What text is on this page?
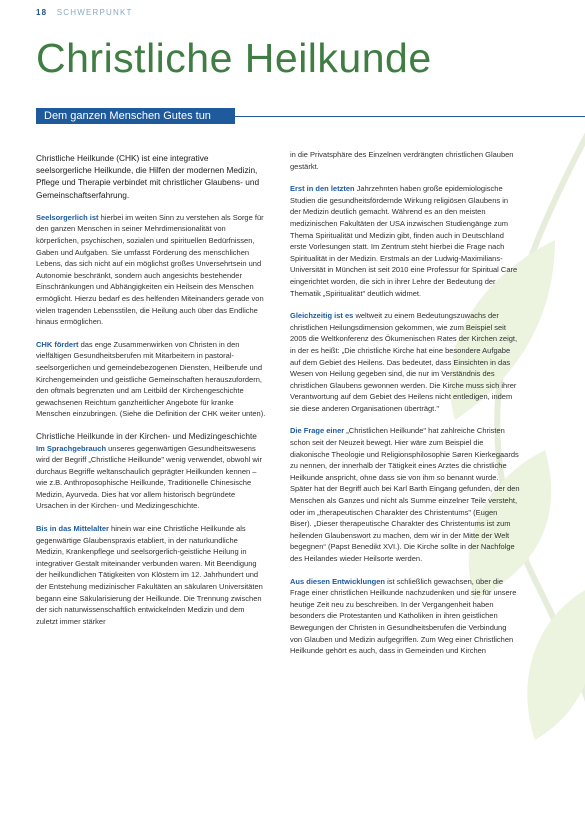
18 SCHWERPUNKT
Christliche Heilkunde
Dem ganzen Menschen Gutes tun

Christliche Heilkunde (CHK) ist eine integrative seelsorgerliche Heilkunde, die Hilfen der modernen Medizin, Pflege und Therapie verbindet mit christlicher Glaubens- und Gemeinschaftserfahrung.

Seelsorgerlich ist hierbei im weiten Sinn zu verstehen als Sorge für den ganzen Menschen in seiner Mehrdimensionalität von körperlichen, psychischen, sozialen und spirituellen Bedürfnissen, Gaben und Aufgaben. Sie umfasst Förderung des menschlichen Lebens, das sich nicht auf ein möglichst großes Unversehrtsein und Autonomie beschränkt, sondern auch angesichts bestehender Einschränkungen und Abhängigkeiten ein Heilsein des Menschen ermöglicht. Hierzu bedarf es des helfenden Miteinanders gerade von vielen tragenden Lebensstilen, die Heilung auch über das Endliche hinaus ermöglichen.

CHK fördert das enge Zusammenwirken von Christen in den vielfältigen Gesundheitsberufen mit Mitarbeitern in pastoral-seelsorgerlichen und gemeindebezogenen Diensten, Heilberufe und Kirchengemeinden und geistliche Gemeinschaften herauszufordern, den oftmals begrenzten und am Leitbild der Kirchengeschichte gewachsenen Reichtum ganzheitlicher Angebote für kranke Menschen einzubringen. (Siehe die Definition der CHK weiter unten).

Christliche Heilkunde in der Kirchen- und Medizingeschichte

Im Sprachgebrauch unseres gegenwärtigen Gesundheitswesens wird der Begriff „Christliche Heilkunde" wenig verwendet, obwohl wir durchaus Begriffe weltanschaulich geprägter Heilkunden kennen – wie z.B. Anthroposophische Heilkunde, Traditionelle Chinesische Medizin, Ayurveda. Dies hat vor allem historisch begründete Ursachen in der Kirchen- und Medizingeschichte.

Bis in das Mittelalter hinein war eine Christliche Heilkunde als gegenwärtige Glaubenspraxis etabliert, in der naturkundliche Medizin, Krankenpflege und seelsorgerlich-geistliche Heilung in integrativer Gestalt miteinander verbunden waren. Mit Beendigung der heilkundlichen Tätigkeiten von Klöstern im 12. Jahrhundert und der Entstehung medizinischer Fakultäten an säkularen Universitäten begann eine Säkularisierung der Heilkunde. Die Trennung zwischen der sich naturwissenschaftlich entwickelnden Medizin und dem zuletzt immer stärker

in die Privatsphäre des Einzelnen verdrängten christlichen Glauben gestärkt.

Erst in den letzten Jahrzehnten haben große epidemiologische Studien die gesundheitsfördernde Wirkung religiösen Glaubens in der Medizin deutlich gemacht. Während es an den meisten medizinischen Fakultäten der USA inzwischen Studiengänge zum Thema Spiritualität und Medizin gibt, finden auch in Deutschland erste Vorlesungen statt. Im Zentrum steht hierbei die Frage nach Spiritualität in der Medizin. Erstmals an der Ludwig-Maximilians-Universität in München ist seit 2010 eine Professur für Spiritual Care eingerichtet worden, die sich in ihrer Lehre der Bedeutung der Thematik „Spiritualität" deutlich widmet.

Gleichzeitig ist es weltweit zu einem Bedeutungszuwachs der christlichen Heilungsdimension gekommen, wie zum Beispiel seit 2005 die Weltkonferenz des Ökumenischen Rates der Kirchen zeigt, in der es heißt: „Die christliche Kirche hat eine besondere Aufgabe auf dem Gebiet des Heilens. Das bedeutet, dass Einsichten in das Wesen von Heilung gegeben sind, die nur im Verständnis des christlichen Glaubens gewonnen werden. Die Kirche muss sich ihrer Verantwortung auf dem Gebiet des Heilens nicht entledigen, indem sie diese anderen Organisationen überträgt."

Die Frage einer „Christlichen Heilkunde" hat zahlreiche Christen schon seit der Neuzeit bewegt. Hier wäre zum Beispiel die diakonische Theologie und Religionsphilosophie Søren Kierkegaards zu nennen, der innerhalb der Tätigkeit eines Arztes die christliche Heilkunde anspricht, ohne dass sie von ihm so benannt wurde. Später hat der Begriff auch bei Karl Barth Eingang gefunden, der den Menschen als Ganzes und nicht als Summe einzelner Teile versteht, oder im „therapeutischen Charakter des Christentums" (Eugen Biser). „Dieser therapeutische Charakter des Christentums ist zum heilenden Glaubenswort zu machen, dem wir in der Mitte der Welt begegnen“ (Papst Benedikt XVI.). Die Kirche sollte in der Nachfolge des Heilandes wieder Heilsorte werden.

Aus diesen Entwicklungen ist schließlich gewachsen, über die Frage einer christlichen Heilkunde nachzudenken und sie für unsere heutige Zeit neu zu beschreiben. In der Vergangenheit haben besonders die Protestanten und Katholiken in ihren geistlichen Bewegungen der Christen in Gesundheitsberufen die Verbindung von Glauben und Medizin aufgegriffen. Zum Weg einer Christlichen Heilkunde gehört es auch, dass in Gemeinden und Kirchen
